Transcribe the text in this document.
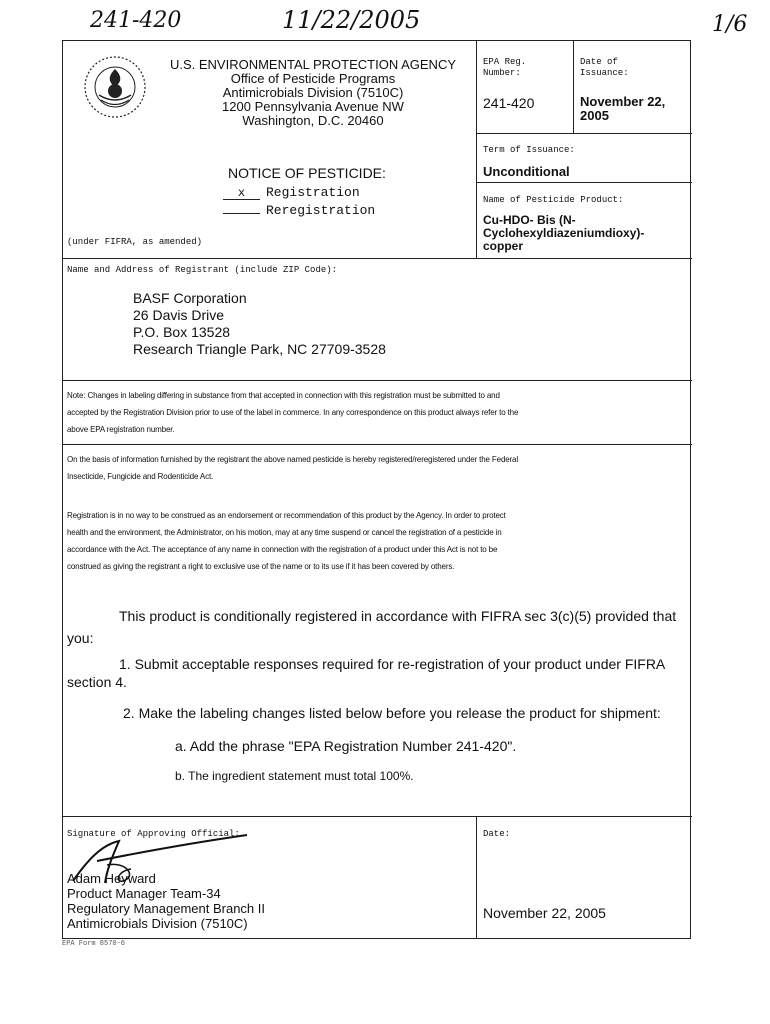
241-420	11/22/2005	1/6
U.S. ENVIRONMENTAL PROTECTION AGENCY
Office of Pesticide Programs
Antimicrobials Division (7510C)
1200 Pennsylvania Avenue NW
Washington, D.C. 20460
NOTICE OF PESTICIDE:
x	Registration
Reregistration
(under FIFRA, as amended)
EPA Reg. Number:
241-420
Date of Issuance:
November 22, 2005
Term of Issuance:
Unconditional
Name of Pesticide Product:
Cu-HDO- Bis (N-Cyclohexyldiazeniumdioxy)-copper
Name and Address of Registrant (include ZIP Code):
BASF Corporation
26 Davis Drive
P.O. Box 13528
Research Triangle Park, NC 27709-3528
Note: Changes in labeling differing in substance from that accepted in connection with this registration must be submitted to and
accepted by the Registration Division prior to use of the label in commerce. In any correspondence on this product always refer to the
above EPA registration number.
On the basis of information furnished by the registrant the above named pesticide is hereby registered/reregistered under the Federal
Insecticide, Fungicide and Rodenticide Act.
Registration is in no way to be construed as an endorsement or recommendation of this product by the Agency. In order to protect
health and the environment, the Administrator, on his motion, may at any time suspend or cancel the registration of a pesticide in
accordance with the Act. The acceptance of any name in connection with the registration of a product under this Act is not to be
construed as giving the registrant a right to exclusive use of the name or to its use if it has been covered by others.
This product is conditionally registered in accordance with FIFRA sec 3(c)(5) provided that
you:
1. Submit acceptable responses required for re-registration of your product under FIFRA
section 4.
2. Make the labeling changes listed below before you release the product for shipment:
a. Add the phrase "EPA Registration Number 241-420".
b. The ingredient statement must total 100%.
Signature of Approving Official:
Adam Heyward
Product Manager Team-34
Regulatory Management Branch II
Antimicrobials Division (7510C)
Date:
November 22, 2005
EPA Form 8570-6
